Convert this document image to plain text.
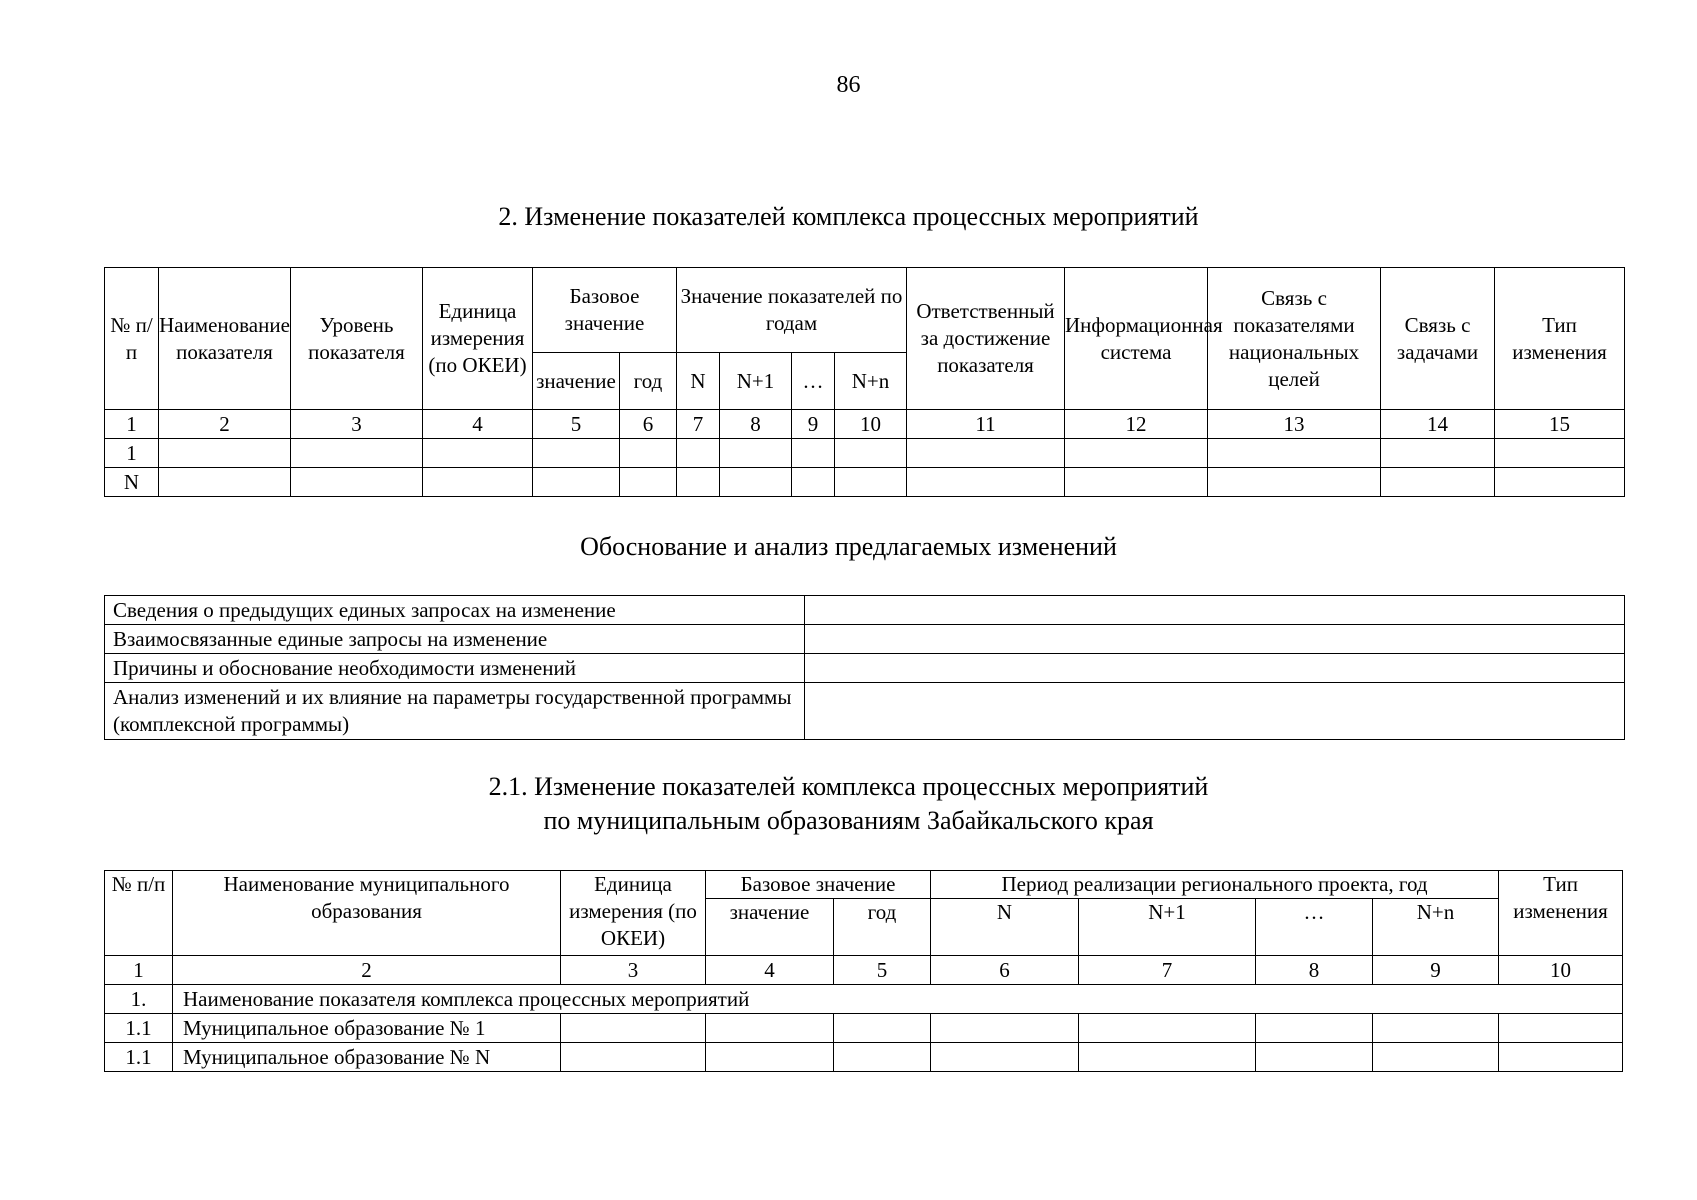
86
2. Изменение показателей комплекса процессных мероприятий
№ п/п	Наименование показателя	Уровень показателя	Единица измерения (по ОКЕИ)	Базовое значение		Значение показателей по годам				Ответственный за достижение показателя	Информационная система	Связь с показателями национальных целей	Связь с задачами	Тип изменения
				значение	год	N	N+1	…	N+n					
1	2	3	4	5	6	7	8	9	10	11	12	13	14	15
1														
N														
Обоснование и анализ предлагаемых изменений
Сведения о предыдущих единых запросах на изменение	
Взаимосвязанные единые запросы на изменение	
Причины и обоснование необходимости изменений	
Анализ изменений и их влияние на параметры государственной программы (комплексной программы)	
2.1. Изменение показателей комплекса процессных мероприятий
по муниципальным образованиям Забайкальского края
№ п/п	Наименование муниципального образования	Единица измерения (по ОКЕИ)	Базовое значение		Период реализации регионального проекта, год				Тип изменения
			значение	год	N	N+1	…	N+n	
1	2	3	4	5	6	7	8	9	10
1.	Наименование показателя комплекса процессных мероприятий								
1.1	Муниципальное образование № 1								
1.1	Муниципальное образование № N								
